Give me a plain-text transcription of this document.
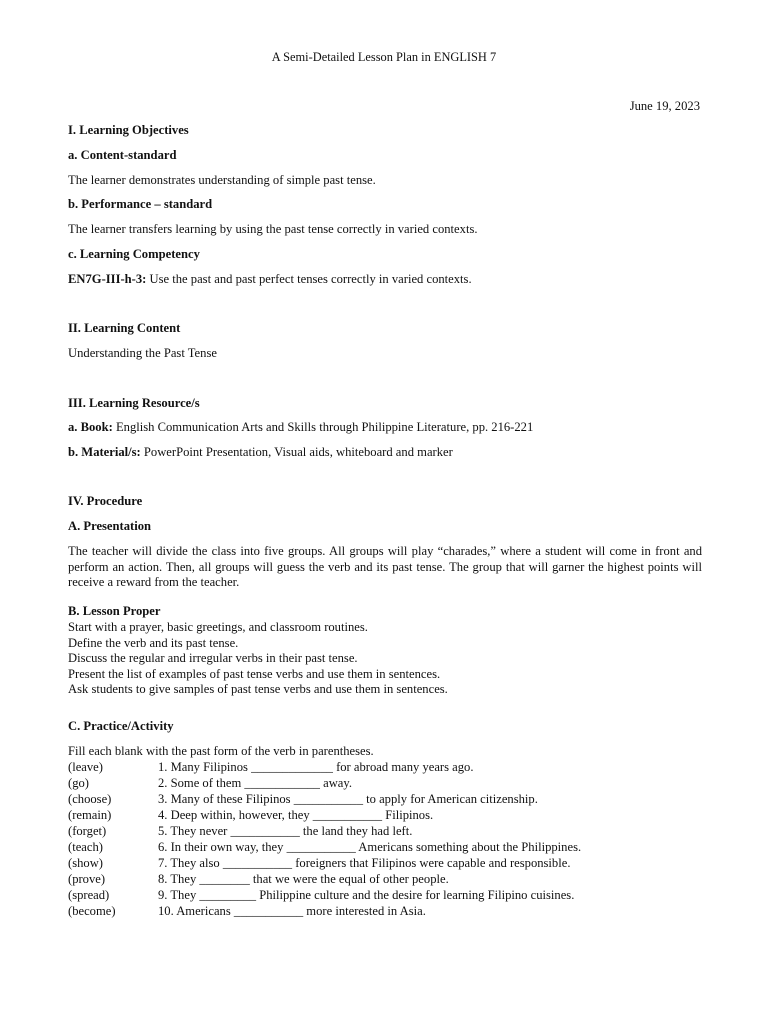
A Semi-Detailed Lesson Plan in ENGLISH 7
June 19, 2023
I. Learning Objectives
a. Content-standard
The learner demonstrates understanding of simple past tense.
b. Performance – standard
The learner transfers learning by using the past tense correctly in varied contexts.
c. Learning Competency
EN7G-III-h-3: Use the past and past perfect tenses correctly in varied contexts.
II. Learning Content
Understanding the Past Tense
III. Learning Resource/s
a. Book: English Communication Arts and Skills through Philippine Literature, pp. 216-221
b. Material/s: PowerPoint Presentation, Visual aids, whiteboard and marker
IV. Procedure
A. Presentation
The teacher will divide the class into five groups. All groups will play “charades,” where a student will come in front and perform an action. Then, all groups will guess the verb and its past tense. The group that will garner the highest points will receive a reward from the teacher.
B. Lesson Proper
Start with a prayer, basic greetings, and classroom routines.
Define the verb and its past tense.
Discuss the regular and irregular verbs in their past tense.
Present the list of examples of past tense verbs and use them in sentences.
Ask students to give samples of past tense verbs and use them in sentences.
C. Practice/Activity
Fill each blank with the past form of the verb in parentheses.
(leave)	1. Many Filipinos _____________ for abroad many years ago.
(go)	2. Some of them ____________ away.
(choose)	3. Many of these Filipinos ___________ to apply for American citizenship.
(remain)	4. Deep within, however, they ___________ Filipinos.
(forget)	5. They never ___________ the land they had left.
(teach)	6. In their own way, they ___________ Americans something about the Philippines.
(show)	7. They also ___________ foreigners that Filipinos were capable and responsible.
(prove)	8. They ________ that we were the equal of other people.
(spread)	9. They _________ Philippine culture and the desire for learning Filipino cuisines.
(become)	10. Americans ___________ more interested in Asia.
